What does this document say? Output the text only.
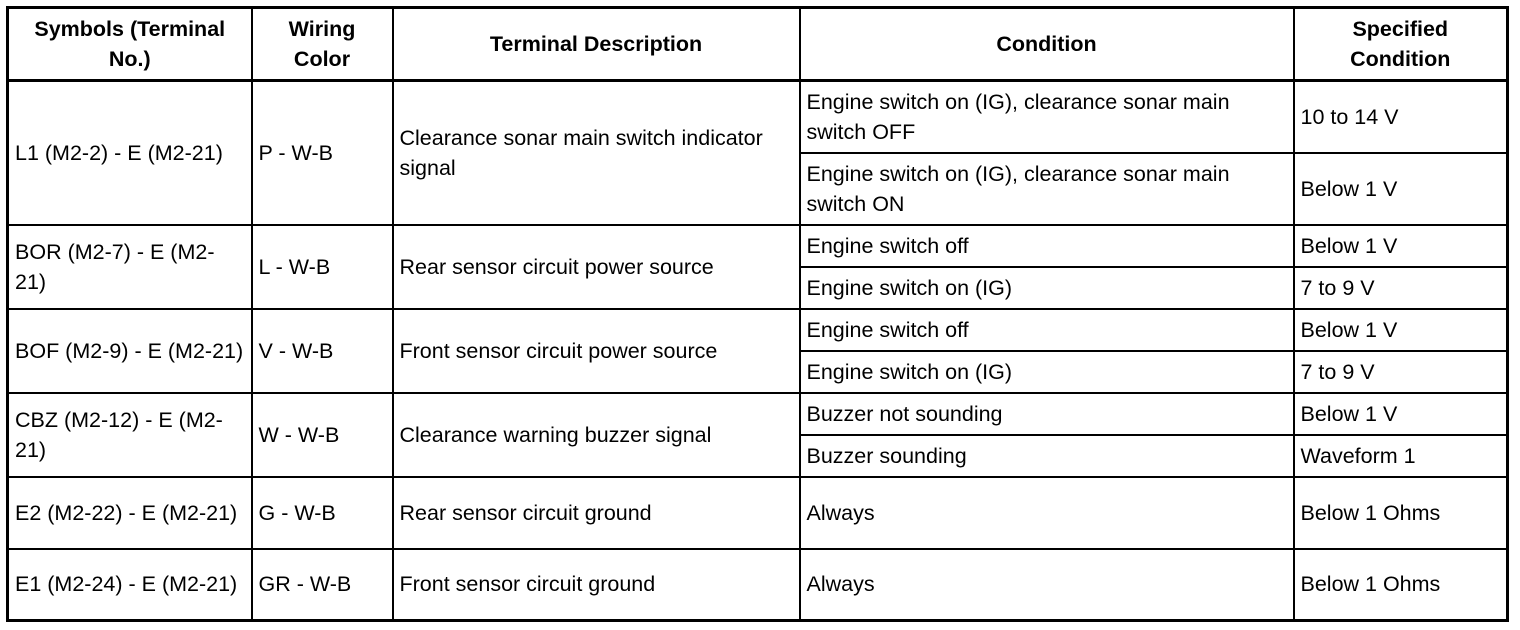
Symbols (Terminal No.)	Wiring Color	Terminal Description	Condition	Specified Condition
L1 (M2-2) - E (M2-21)	P - W-B	Clearance sonar main switch indicator signal	Engine switch on (IG), clearance sonar main switch OFF	10 to 14 V
			Engine switch on (IG), clearance sonar main switch ON	Below 1 V
BOR (M2-7) - E (M2-21)	L - W-B	Rear sensor circuit power source	Engine switch off	Below 1 V
			Engine switch on (IG)	7 to 9 V
BOF (M2-9) - E (M2-21)	V - W-B	Front sensor circuit power source	Engine switch off	Below 1 V
			Engine switch on (IG)	7 to 9 V
CBZ (M2-12) - E (M2-21)	W - W-B	Clearance warning buzzer signal	Buzzer not sounding	Below 1 V
			Buzzer sounding	Waveform 1
E2 (M2-22) - E (M2-21)	G - W-B	Rear sensor circuit ground	Always	Below 1 Ohms
E1 (M2-24) - E (M2-21)	GR - W-B	Front sensor circuit ground	Always	Below 1 Ohms
